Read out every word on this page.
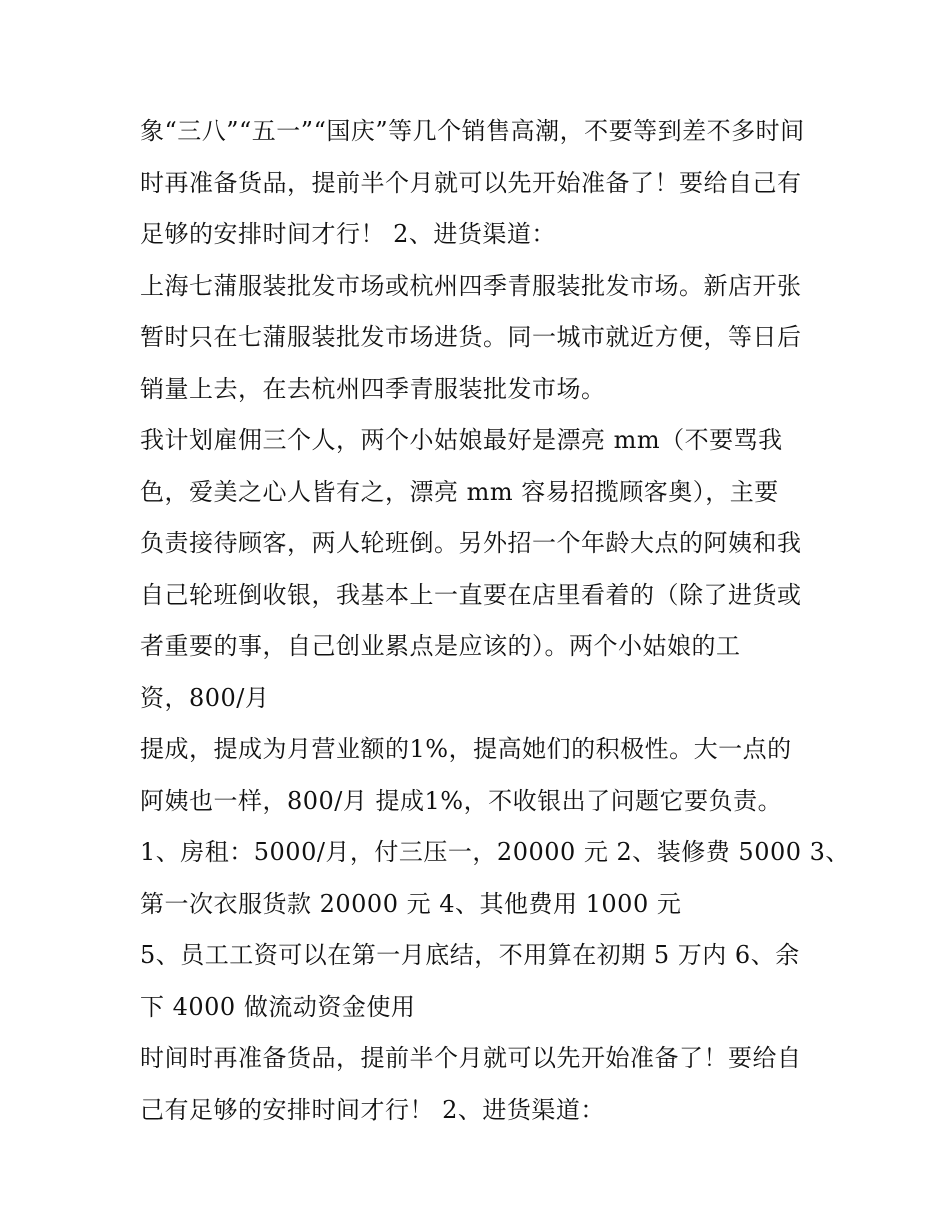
象“三八”“五一”“国庆”等几个销售高潮，不要等到差不多时间
时再准备货品，提前半个月就可以先开始准备了！要给自己有
足够的安排时间才行！ 2、进货渠道：
上海七蒲服装批发市场或杭州四季青服装批发市场。新店开张
暂时只在七蒲服装批发市场进货。同一城市就近方便，等日后
销量上去，在去杭州四季青服装批发市场。
我计划雇佣三个人，两个小姑娘最好是漂亮 mm（不要骂我
色，爱美之心人皆有之，漂亮 mm 容易招揽顾客奥），主要
负责接待顾客，两人轮班倒。另外招一个年龄大点的阿姨和我
自己轮班倒收银，我基本上一直要在店里看着的（除了进货或
者重要的事，自己创业累点是应该的）。两个小姑娘的工
资，800/月
提成，提成为月营业额的1%，提高她们的积极性。大一点的
阿姨也一样，800/月 提成1%，不收银出了问题它要负责。
1、房租：5000/月，付三压一，20000 元 2、装修费 5000 3、
第一次衣服货款 20000 元 4、其他费用 1000 元
5、员工工资可以在第一月底结，不用算在初期 5 万内 6、余
下 4000 做流动资金使用
时间时再准备货品，提前半个月就可以先开始准备了！要给自
己有足够的安排时间才行！ 2、进货渠道：
